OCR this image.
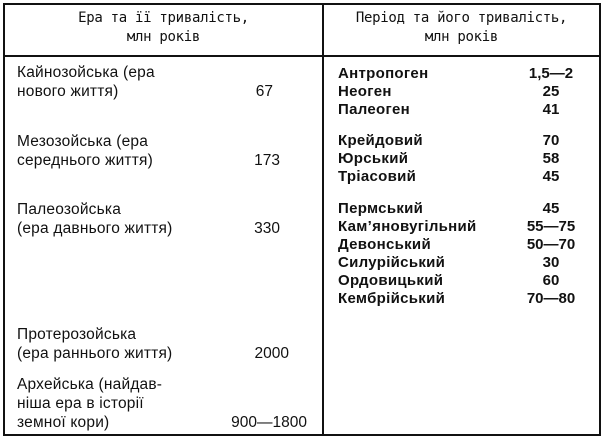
Ера та її тривалість,
млн років
Період та його тривалість,
млн років
Кайнозойська (ера
нового життя)	67
Мезозойська (ера
середнього життя)	173
Палеозойська
(ера давнього життя)	330
Протерозойська
(ера раннього життя)	2000
Архейська (найдав-
ніша ера в історії
земної кори)	900—1800
Антропоген	1,5—2
Неоген	25
Палеоген	41
Крейдовий	70
Юрський	58
Тріасовий	45
Пермський	45
Кам’яновугільний	55—75
Девонський	50—70
Силурійський	30
Ордовицький	60
Кембрійський	70—80
